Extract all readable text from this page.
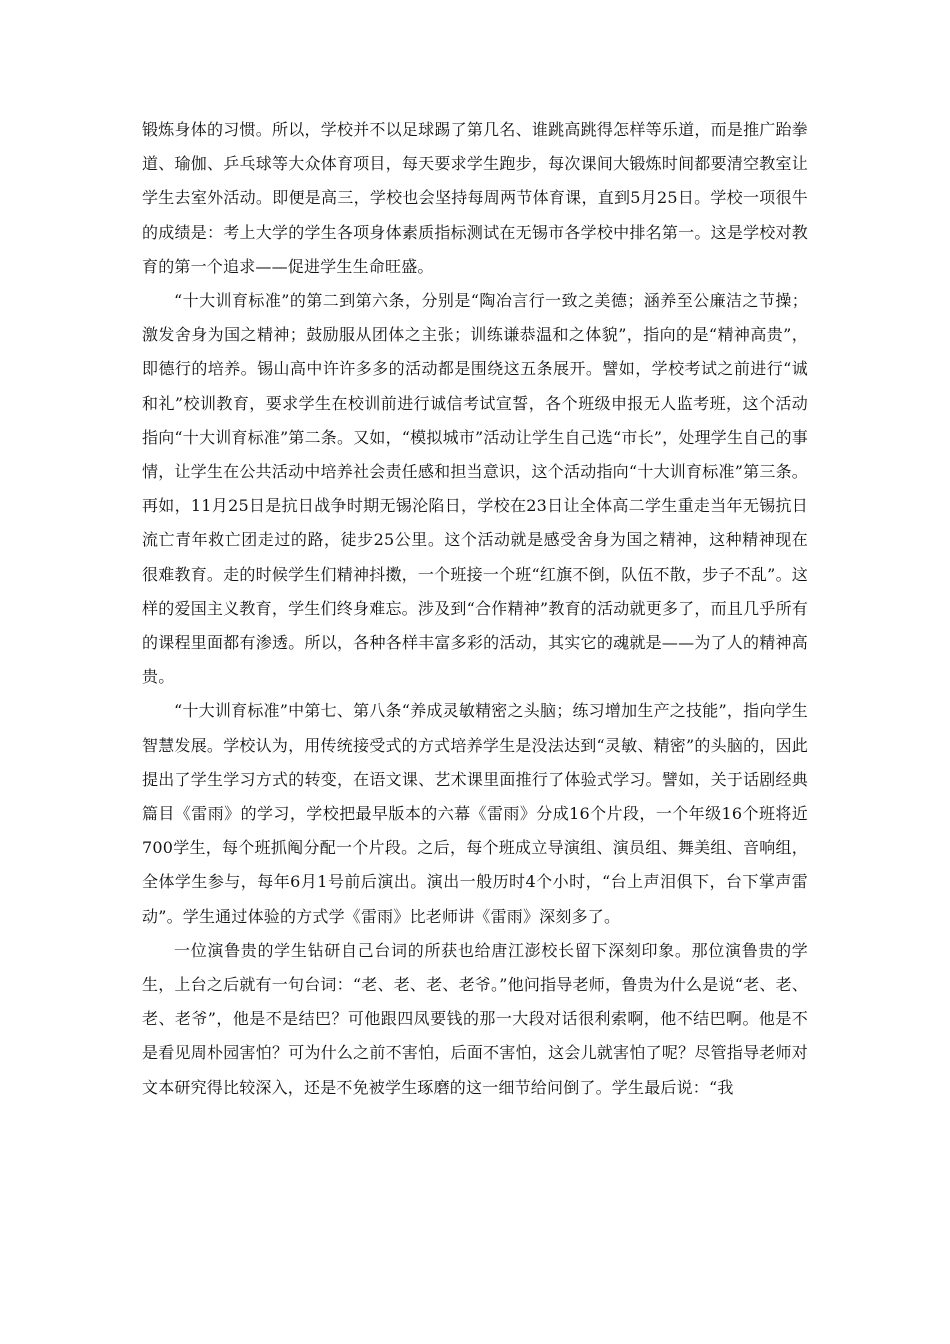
锻炼身体的习惯。所以，学校并不以足球踢了第几名、谁跳高跳得怎样等乐道，而是推广跆拳道、瑜伽、乒乓球等大众体育项目，每天要求学生跑步，每次课间大锻炼时间都要清空教室让学生去室外活动。即便是高三，学校也会坚持每周两节体育课，直到5月25日。学校一项很牛的成绩是：考上大学的学生各项身体素质指标测试在无锡市各学校中排名第一。这是学校对教育的第一个追求——促进学生生命旺盛。

“十大训育标准”的第二到第六条，分别是“陶冶言行一致之美德；涵养至公廉洁之节操；激发舍身为国之精神；鼓励服从团体之主张；训练谦恭温和之体貌”，指向的是“精神高贵”，即德行的培养。锡山高中许许多多的活动都是围绕这五条展开。譬如，学校考试之前进行“诚和礼”校训教育，要求学生在校训前进行诚信考试宣誓，各个班级申报无人监考班，这个活动指向“十大训育标准”第二条。又如，“模拟城市”活动让学生自己选“市长”，处理学生自己的事情，让学生在公共活动中培养社会责任感和担当意识，这个活动指向“十大训育标准”第三条。再如，11月25日是抗日战争时期无锡沦陷日，学校在23日让全体高二学生重走当年无锡抗日流亡青年救亡团走过的路，徒步25公里。这个活动就是感受舍身为国之精神，这种精神现在很难教育。走的时候学生们精神抖擞，一个班接一个班“红旗不倒，队伍不散，步子不乱”。这样的爱国主义教育，学生们终身难忘。涉及到“合作精神”教育的活动就更多了，而且几乎所有的课程里面都有渗透。所以，各种各样丰富多彩的活动，其实它的魂就是——为了人的精神高贵。

“十大训育标准”中第七、第八条“养成灵敏精密之头脑；练习增加生产之技能”，指向学生智慧发展。学校认为，用传统接受式的方式培养学生是没法达到“灵敏、精密”的头脑的，因此提出了学生学习方式的转变，在语文课、艺术课里面推行了体验式学习。譬如，关于话剧经典篇目《雷雨》的学习，学校把最早版本的六幕《雷雨》分成16个片段，一个年级16个班将近700学生，每个班抓阄分配一个片段。之后，每个班成立导演组、演员组、舞美组、音响组，全体学生参与，每年6月1号前后演出。演出一般历时4个小时，“台上声泪俱下，台下掌声雷动”。学生通过体验的方式学《雷雨》比老师讲《雷雨》深刻多了。

一位演鲁贵的学生钻研自己台词的所获也给唐江澎校长留下深刻印象。那位演鲁贵的学生，上台之后就有一句台词：“老、老、老、老爷。”他问指导老师，鲁贵为什么是说“老、老、老、老爷”，他是不是结巴？可他跟四凤要钱的那一大段对话很利索啊，他不结巴啊。他是不是看见周朴园害怕？可为什么之前不害怕，后面不害怕，这会儿就害怕了呢？尽管指导老师对文本研究得比较深入，还是不免被学生琢磨的这一细节给问倒了。学生最后说：“我
